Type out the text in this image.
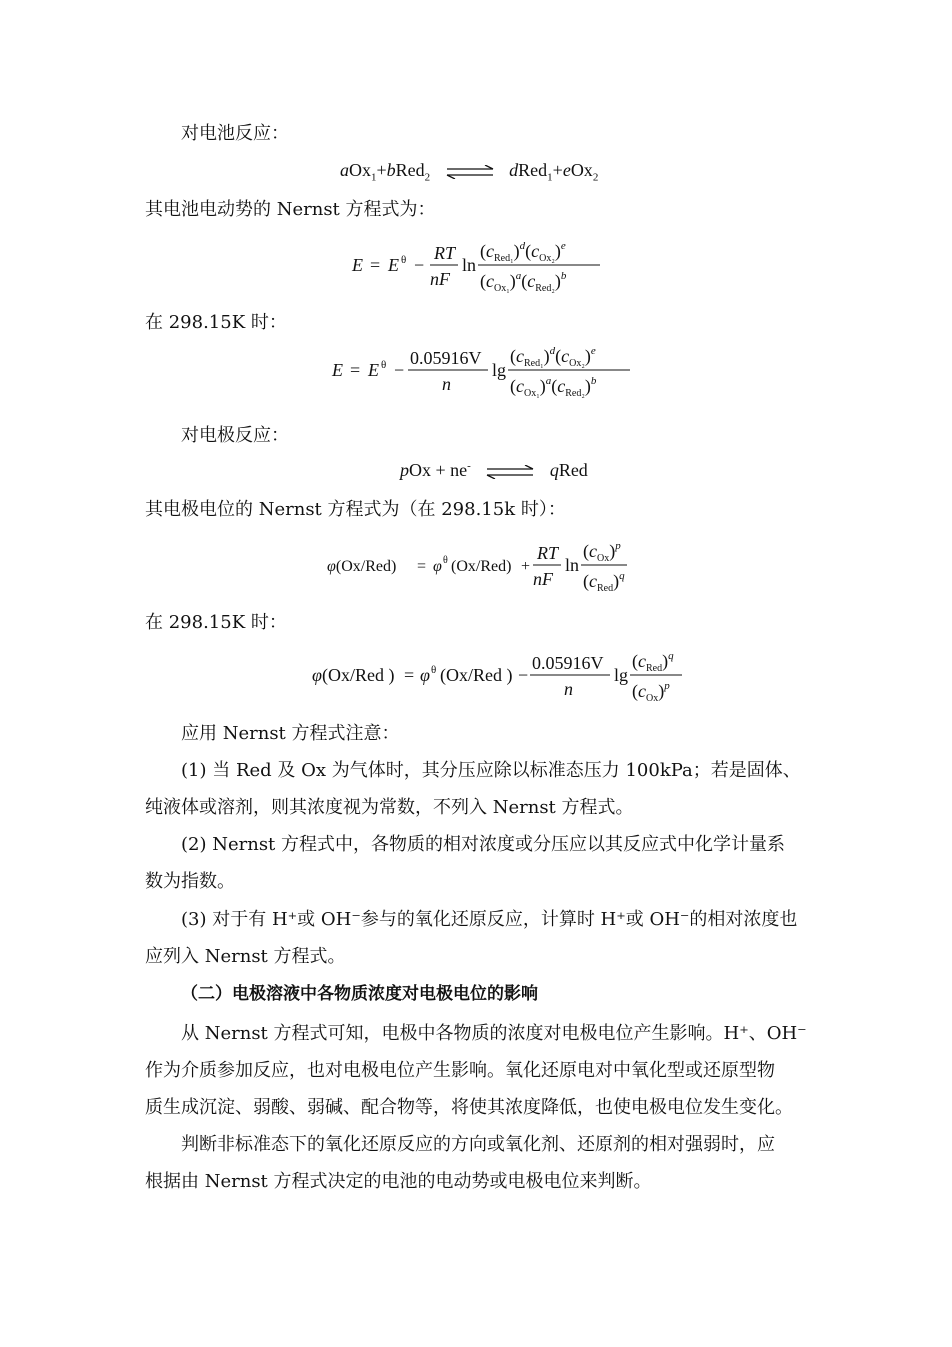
对电池反应：

aOx$_1$+bRed$_2$ ⇌ dRed$_1$+eOx$_2$

其电池电动势的 Nernst 方程式为：

E = E θ −
RT
nF
ln
$(c_{Red_1})^d(c_{Ox_2})^e$
$(c_{Ox_1})^a(c_{Red_2})^b$

在 298.15K 时：

E = E θ −
0.05916V
n
lg
$(c_{Red_1})^d(c_{Ox_2})^e$
$(c_{Ox_1})^a(c_{Red_2})^b$

对电极反应：

pOx + ne- ⇌ qRed

其电极电位的 Nernst 方程式为（在 298.15k 时）：

φ(Ox/Red) = φ θ (Ox/Red) +
RT
nF
ln
$(c_{Ox})^p$
$(c_{Red})^q$

在 298.15K 时：

φ(Ox/Red ) = φ θ (Ox/Red ) −
0.05916V
n
lg
$(c_{Red})^q$
$(c_{Ox})^p$

应用 Nernst 方程式注意：

(1) 当 Red 及 Ox 为气体时，其分压应除以标准态压力 100kPa；若是固体、

纯液体或溶剂，则其浓度视为常数，不列入 Nernst 方程式。

(2) Nernst 方程式中，各物质的相对浓度或分压应以其反应式中化学计量系

数为指数。

(3) 对于有 H⁺或 OH⁻参与的氧化还原反应，计算时 H⁺或 OH⁻的相对浓度也

应列入 Nernst 方程式。

（二）电极溶液中各物质浓度对电极电位的影响

从 Nernst 方程式可知，电极中各物质的浓度对电极电位产生影响。H⁺、OH⁻

作为介质参加反应，也对电极电位产生影响。氧化还原电对中氧化型或还原型物

质生成沉淀、弱酸、弱碱、配合物等，将使其浓度降低，也使电极电位发生变化。

判断非标准态下的氧化还原反应的方向或氧化剂、还原剂的相对强弱时，应

根据由 Nernst 方程式决定的电池的电动势或电极电位来判断。
